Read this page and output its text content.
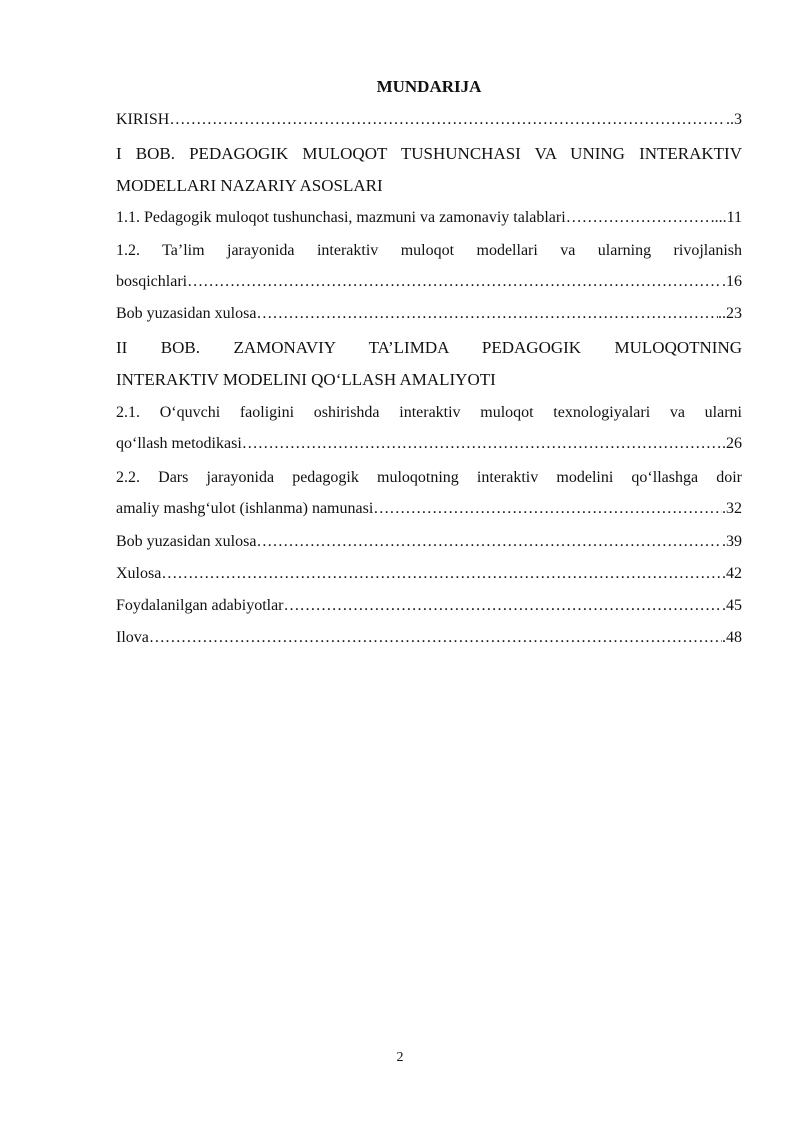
MUNDARIJA
KIRISH ………………………………………………………………………………………………………………………………………………………………	..3
I BOB. PEDAGOGIK MULOQOT TUSHUNCHASI VA UNING INTERAKTIV
MODELLARI NAZARIY ASOSLARI
1.1. Pedagogik muloqot tushunchasi, mazmuni va zamonaviy talablari ………………………………………………………………………………………………………………………………………………………………	....11
1.2. Ta’lim jarayonida interaktiv muloqot modellari va ularning rivojlanish
bosqichlari ………………………………………………………………………………………………………………………………………………………………	.16
Bob yuzasidan xulosa ………………………………………………………………………………………………………………………………………………………………	..23
II BOB. ZAMONAVIY TA’LIMDA PEDAGOGIK MULOQOTNING
INTERAKTIV MODELINI QO‘LLASH AMALIYOTI
2.1. O‘quvchi faoligini oshirishda interaktiv muloqot texnologiyalari va ularni
qo‘llash metodikasi ………………………………………………………………………………………………………………………………………………………………	.26
2.2. Dars jarayonida pedagogik muloqotning interaktiv modelini qo‘llashga doir
amaliy mashg‘ulot (ishlanma) namunasi ………………………………………………………………………………………………………………………………………………………………	.32
Bob yuzasidan xulosa ………………………………………………………………………………………………………………………………………………………………	.39
Xulosa ………………………………………………………………………………………………………………………………………………………………	42
Foydalanilgan adabiyotlar ………………………………………………………………………………………………………………………………………………………………	.45
Ilova ………………………………………………………………………………………………………………………………………………………………	.48
2
